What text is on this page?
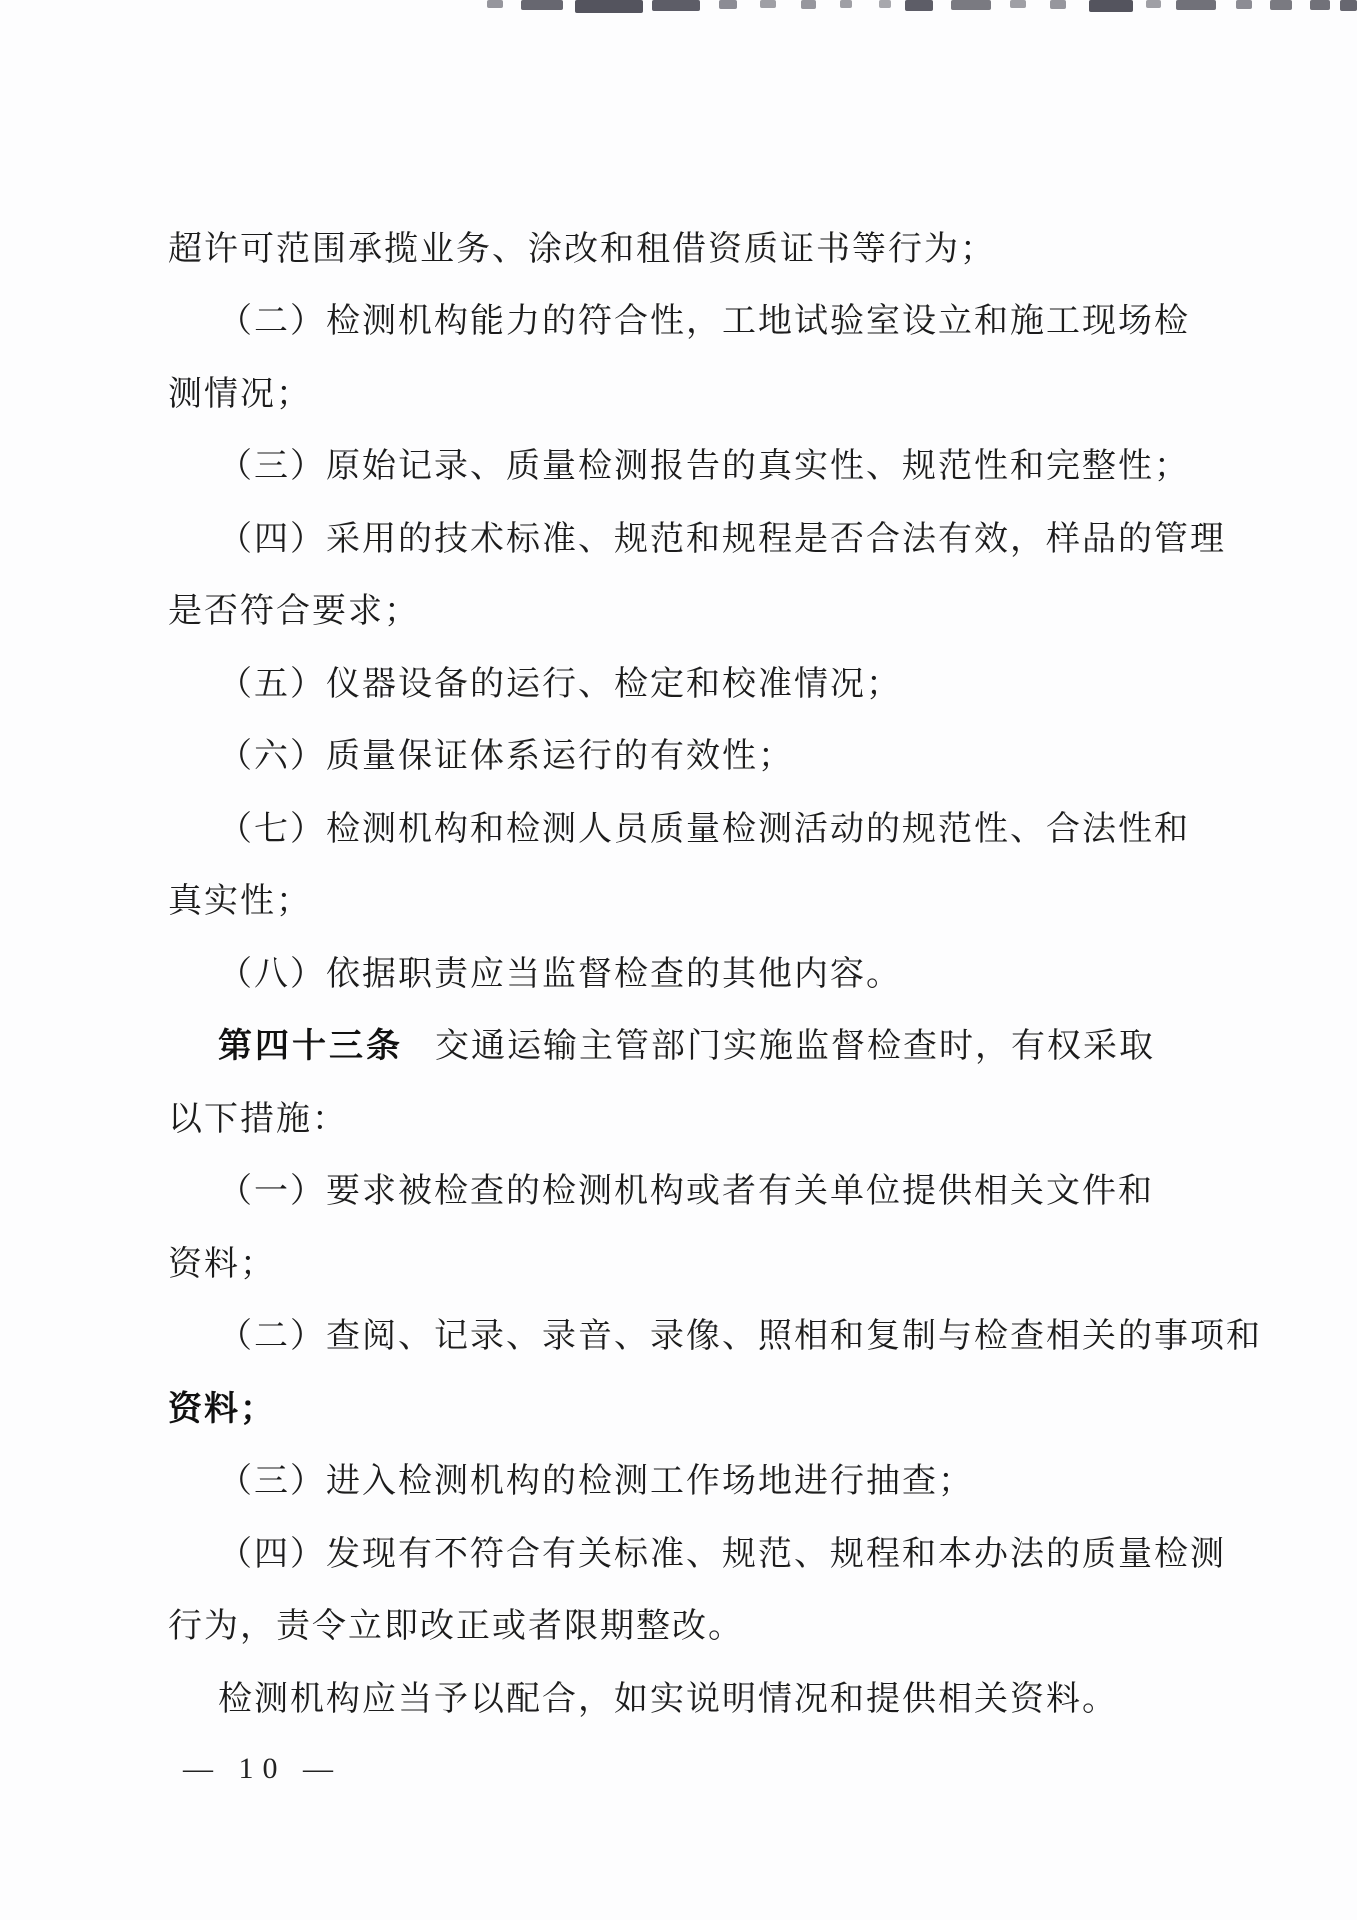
超许可范围承揽业务、涂改和租借资质证书等行为；
（二）检测机构能力的符合性，工地试验室设立和施工现场检
测情况；
（三）原始记录、质量检测报告的真实性、规范性和完整性；
（四）采用的技术标准、规范和规程是否合法有效，样品的管理
是否符合要求；
（五）仪器设备的运行、检定和校准情况；
（六）质量保证体系运行的有效性；
（七）检测机构和检测人员质量检测活动的规范性、合法性和
真实性；
（八）依据职责应当监督检查的其他内容。
第四十三条 交通运输主管部门实施监督检查时，有权采取
以下措施：
（一）要求被检查的检测机构或者有关单位提供相关文件和
资料；
（二）查阅、记录、录音、录像、照相和复制与检查相关的事项和
资料；
（三）进入检测机构的检测工作场地进行抽查；
（四）发现有不符合有关标准、规范、规程和本办法的质量检测
行为，责令立即改正或者限期整改。
检测机构应当予以配合，如实说明情况和提供相关资料。
— 10 —
